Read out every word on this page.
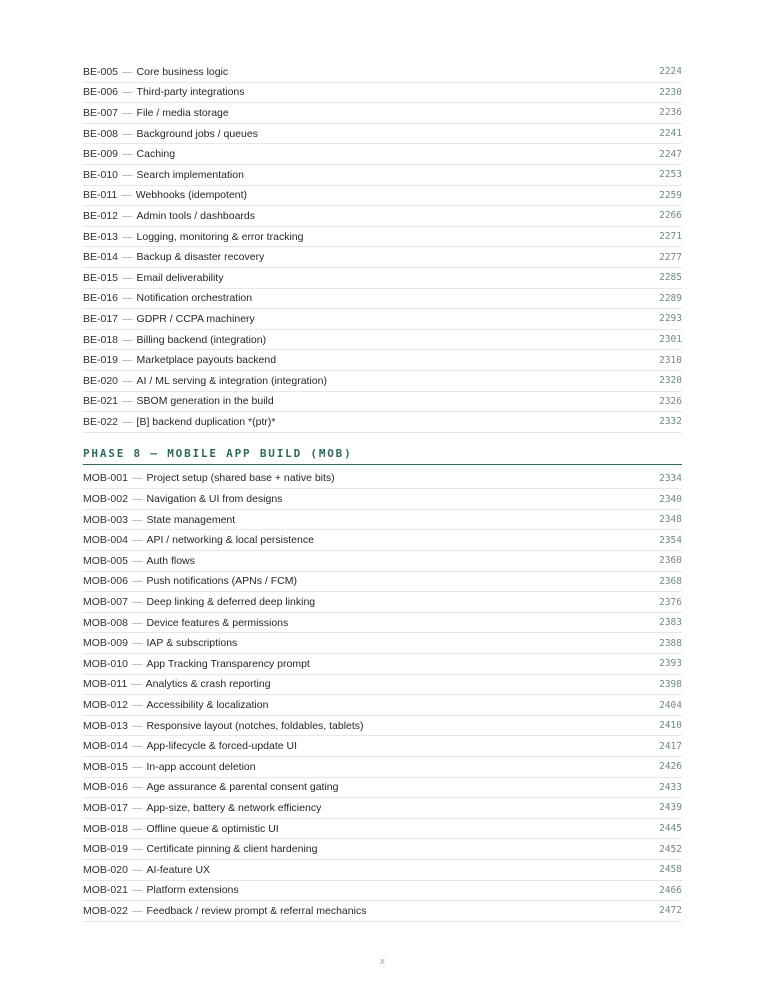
BE-005 — Core business logic	2224
BE-006 — Third-party integrations	2230
BE-007 — File / media storage	2236
BE-008 — Background jobs / queues	2241
BE-009 — Caching	2247
BE-010 — Search implementation	2253
BE-011 — Webhooks (idempotent)	2259
BE-012 — Admin tools / dashboards	2266
BE-013 — Logging, monitoring & error tracking	2271
BE-014 — Backup & disaster recovery	2277
BE-015 — Email deliverability	2285
BE-016 — Notification orchestration	2289
BE-017 — GDPR / CCPA machinery	2293
BE-018 — Billing backend (integration)	2301
BE-019 — Marketplace payouts backend	2310
BE-020 — AI / ML serving & integration (integration)	2320
BE-021 — SBOM generation in the build	2326
BE-022 — [B] backend duplication *(ptr)*	2332
PHASE 8 — MOBILE APP BUILD (MOB)
MOB-001 — Project setup (shared base + native bits)	2334
MOB-002 — Navigation & UI from designs	2340
MOB-003 — State management	2348
MOB-004 — API / networking & local persistence	2354
MOB-005 — Auth flows	2360
MOB-006 — Push notifications (APNs / FCM)	2368
MOB-007 — Deep linking & deferred deep linking	2376
MOB-008 — Device features & permissions	2383
MOB-009 — IAP & subscriptions	2388
MOB-010 — App Tracking Transparency prompt	2393
MOB-011 — Analytics & crash reporting	2398
MOB-012 — Accessibility & localization	2404
MOB-013 — Responsive layout (notches, foldables, tablets)	2410
MOB-014 — App-lifecycle & forced-update UI	2417
MOB-015 — In-app account deletion	2426
MOB-016 — Age assurance & parental consent gating	2433
MOB-017 — App-size, battery & network efficiency	2439
MOB-018 — Offline queue & optimistic UI	2445
MOB-019 — Certificate pinning & client hardening	2452
MOB-020 — AI-feature UX	2458
MOB-021 — Platform extensions	2466
MOB-022 — Feedback / review prompt & referral mechanics	2472
x
